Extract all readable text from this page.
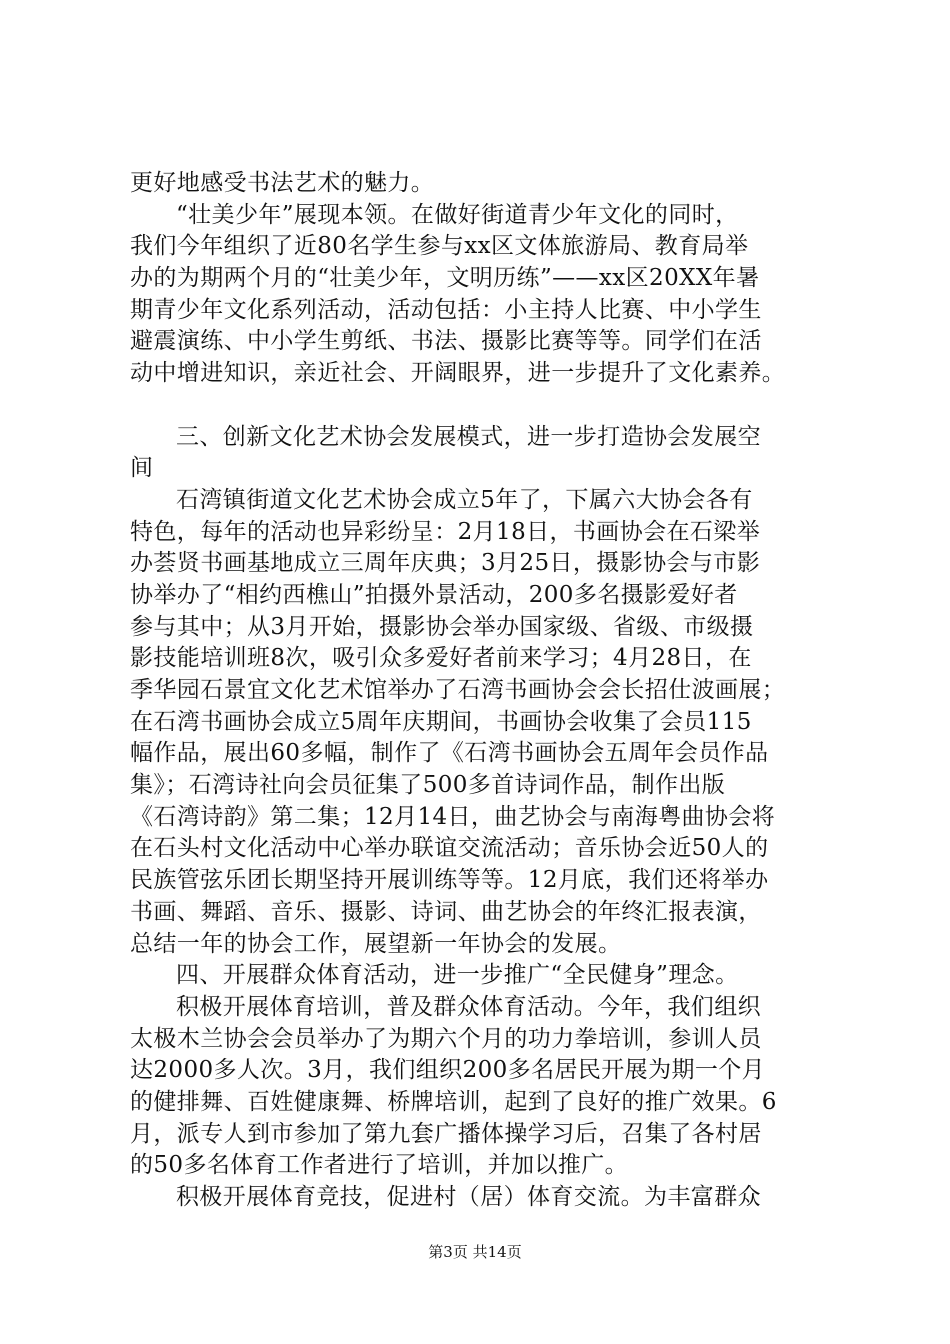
更好地感受书法艺术的魅力。
“壮美少年”展现本领。在做好街道青少年文化的同时，
我们今年组织了近80名学生参与xx区文体旅游局、教育局举
办的为期两个月的“壮美少年，文明历练”——xx区20XX年暑
期青少年文化系列活动，活动包括：小主持人比赛、中小学生
避震演练、中小学生剪纸、书法、摄影比赛等等。同学们在活
动中增进知识，亲近社会、开阔眼界，进一步提升了文化素养。
三、创新文化艺术协会发展模式，进一步打造协会发展空
间
石湾镇街道文化艺术协会成立5年了，下属六大协会各有
特色，每年的活动也异彩纷呈：2月18日，书画协会在石梁举
办荟贤书画基地成立三周年庆典；3月25日，摄影协会与市影
协举办了“相约西樵山”拍摄外景活动，200多名摄影爱好者
参与其中；从3月开始，摄影协会举办国家级、省级、市级摄
影技能培训班8次，吸引众多爱好者前来学习；4月28日，在
季华园石景宜文化艺术馆举办了石湾书画协会会长招仕波画展；
在石湾书画协会成立5周年庆期间，书画协会收集了会员115
幅作品，展出60多幅，制作了《石湾书画协会五周年会员作品
集》；石湾诗社向会员征集了500多首诗词作品，制作出版
《石湾诗韵》第二集；12月14日，曲艺协会与南海粤曲协会将
在石头村文化活动中心举办联谊交流活动；音乐协会近50人的
民族管弦乐团长期坚持开展训练等等。12月底，我们还将举办
书画、舞蹈、音乐、摄影、诗词、曲艺协会的年终汇报表演，
总结一年的协会工作，展望新一年协会的发展。
四、开展群众体育活动，进一步推广“全民健身”理念。
积极开展体育培训，普及群众体育活动。今年，我们组织
太极木兰协会会员举办了为期六个月的功力拳培训，参训人员
达2000多人次。3月，我们组织200多名居民开展为期一个月
的健排舞、百姓健康舞、桥牌培训，起到了良好的推广效果。6
月，派专人到市参加了第九套广播体操学习后，召集了各村居
的50多名体育工作者进行了培训，并加以推广。
积极开展体育竞技，促进村（居）体育交流。为丰富群众
第3页 共14页
